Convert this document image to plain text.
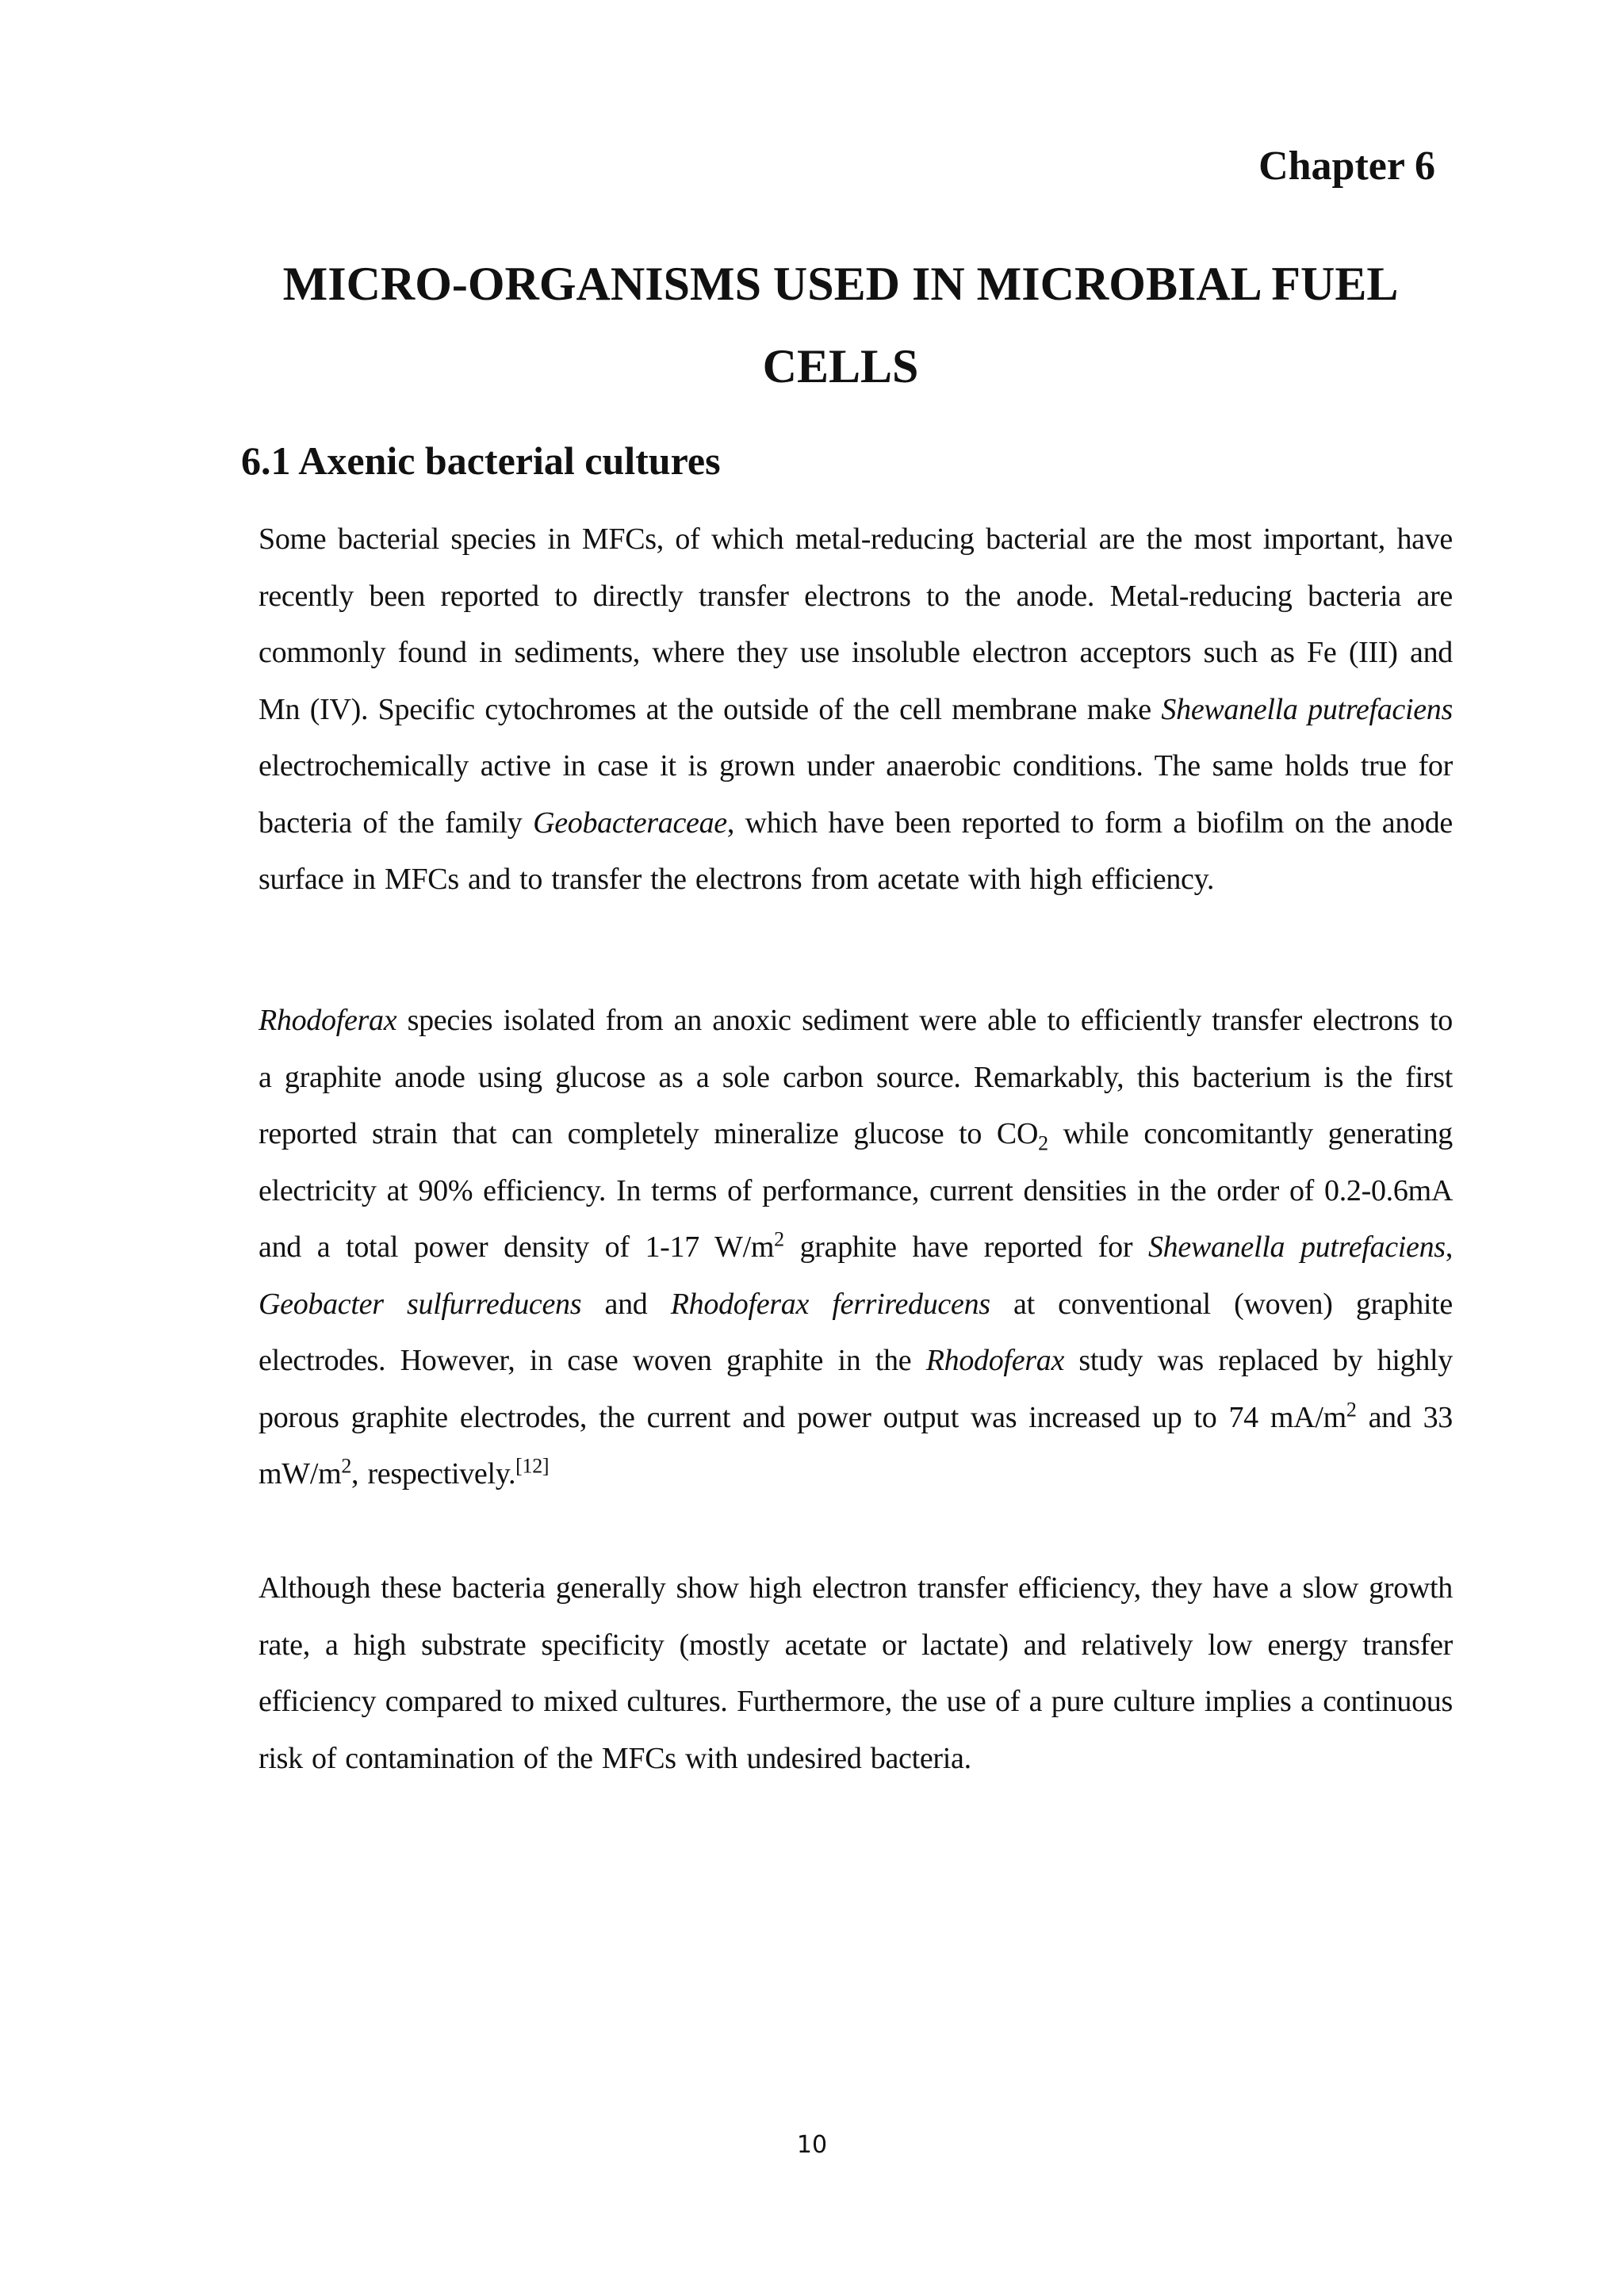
Chapter 6
MICRO-ORGANISMS USED IN MICROBIAL FUEL CELLS
6.1 Axenic bacterial cultures

Some bacterial species in MFCs, of which metal-reducing bacterial are the most important, have recently been reported to directly transfer electrons to the anode. Metal-reducing bacteria are commonly found in sediments, where they use insoluble electron acceptors such as Fe (III) and Mn (IV). Specific cytochromes at the outside of the cell membrane make Shewanella putrefaciens electrochemically active in case it is grown under anaerobic conditions. The same holds true for bacteria of the family Geobacteraceae, which have been reported to form a biofilm on the anode surface in MFCs and to transfer the electrons from acetate with high efficiency.

Rhodoferax species isolated from an anoxic sediment were able to efficiently transfer electrons to a graphite anode using glucose as a sole carbon source. Remarkably, this bacterium is the first reported strain that can completely mineralize glucose to $CO_2$ while concomitantly generating electricity at 90% efficiency. In terms of performance, current densities in the order of 0.2-0.6mA and a total power density of 1-17 $W/m^2$ graphite have reported for Shewanella putrefaciens, Geobacter sulfurreducens and Rhodoferax ferrireducens at conventional (woven) graphite electrodes. However, in case woven graphite in the Rhodoferax study was replaced by highly porous graphite electrodes, the current and power output was increased up to 74 $mA/m^2$ and 33 $mW/m^2$, respectively.[12]

Although these bacteria generally show high electron transfer efficiency, they have a slow growth rate, a high substrate specificity (mostly acetate or lactate) and relatively low energy transfer efficiency compared to mixed cultures. Furthermore, the use of a pure culture implies a continuous risk of contamination of the MFCs with undesired bacteria.

10
